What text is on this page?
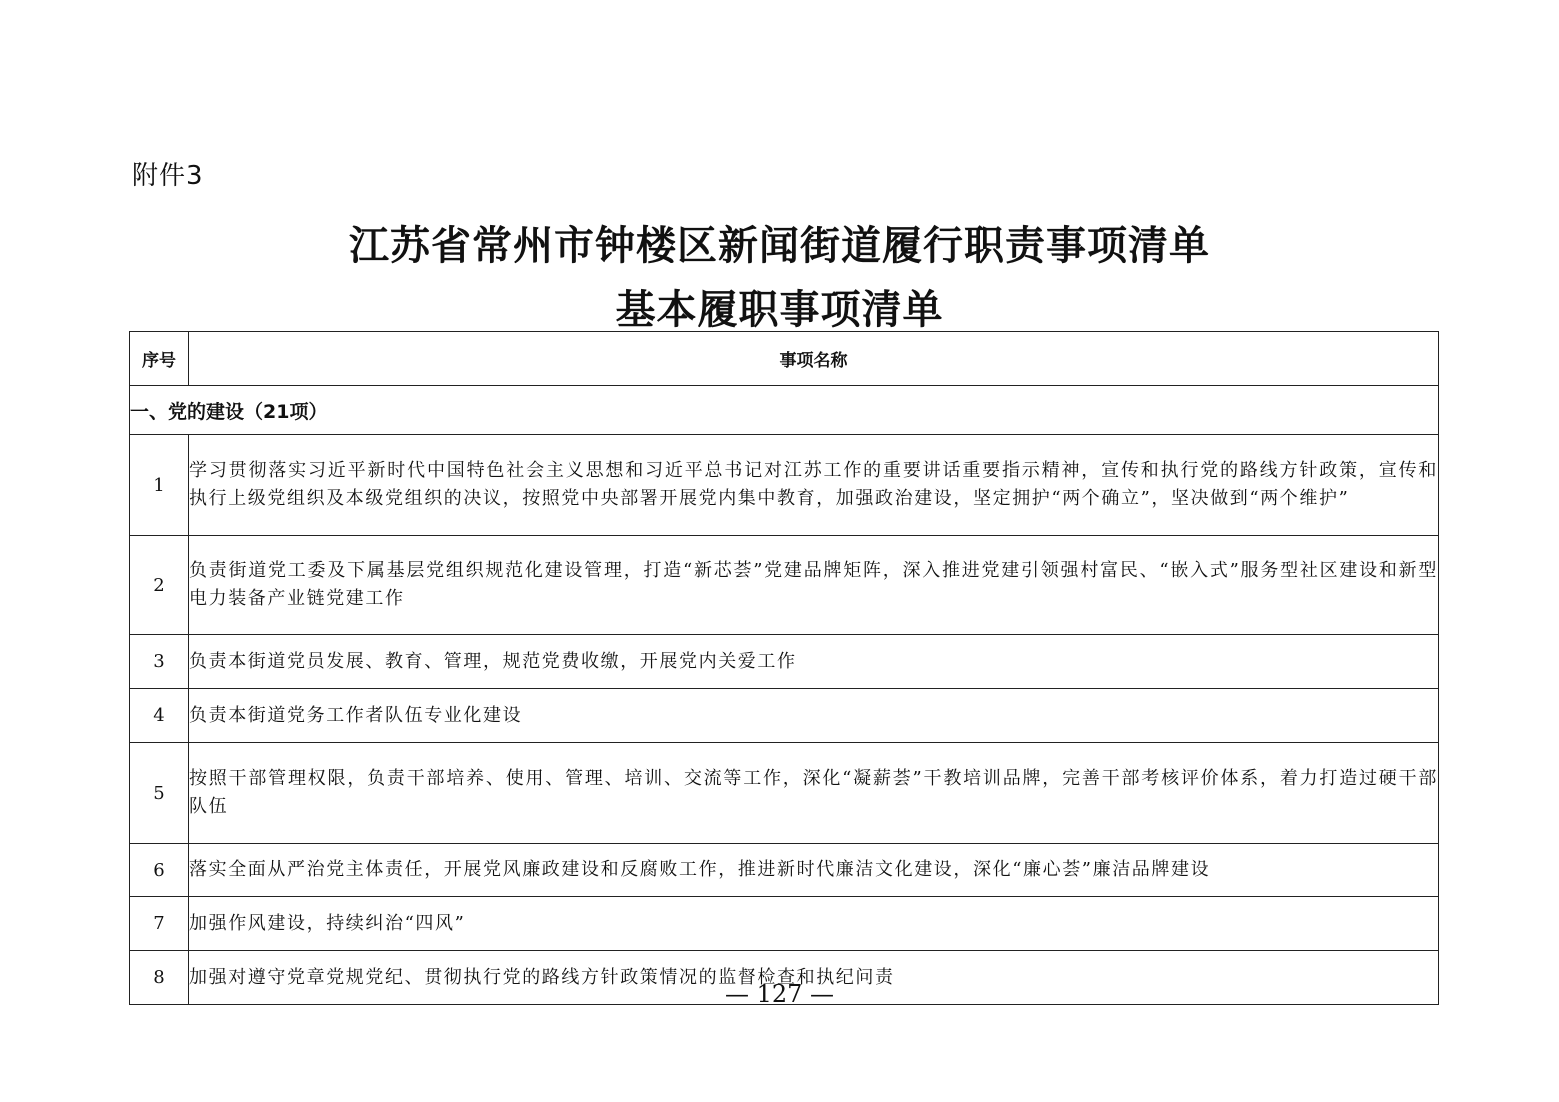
附件3
江苏省常州市钟楼区新闻街道履行职责事项清单
基本履职事项清单
序号	事项名称
一、党的建设（21项）	
1	学习贯彻落实习近平新时代中国特色社会主义思想和习近平总书记对江苏工作的重要讲话重要指示精神，宣传和执行党的路线方针政策，宣传和执行上级党组织及本级党组织的决议，按照党中央部署开展党内集中教育，加强政治建设，坚定拥护“两个确立”，坚决做到“两个维护”
2	负责街道党工委及下属基层党组织规范化建设管理，打造“新芯荟”党建品牌矩阵，深入推进党建引领强村富民、“嵌入式”服务型社区建设和新型电力装备产业链党建工作
3	负责本街道党员发展、教育、管理，规范党费收缴，开展党内关爱工作
4	负责本街道党务工作者队伍专业化建设
5	按照干部管理权限，负责干部培养、使用、管理、培训、交流等工作，深化“凝薪荟”干教培训品牌，完善干部考核评价体系，着力打造过硬干部队伍
6	落实全面从严治党主体责任，开展党风廉政建设和反腐败工作，推进新时代廉洁文化建设，深化“廉心荟”廉洁品牌建设
7	加强作风建设，持续纠治“四风”
8	加强对遵守党章党规党纪、贯彻执行党的路线方针政策情况的监督检查和执纪问责
— 127 —
